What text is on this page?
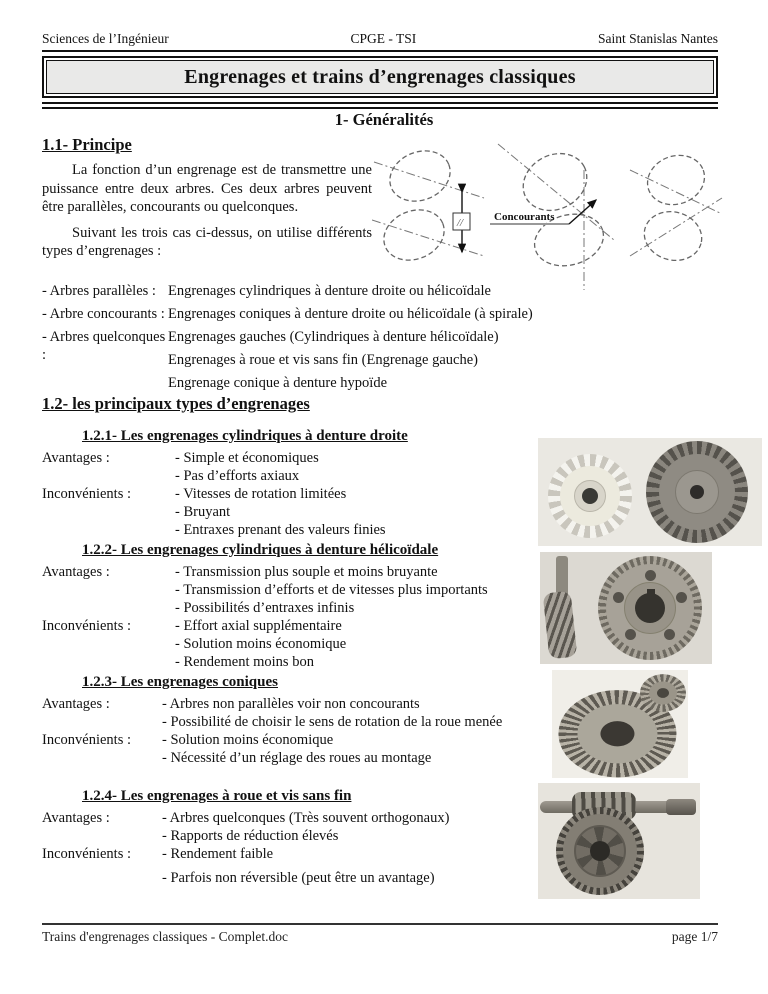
Sciences de l’Ingénieur	CPGE - TSI	Saint Stanislas Nantes
Engrenages et trains d’engrenages classiques
1- Généralités
1.1- Principe

La fonction d’un engrenage est de transmettre une puissance entre deux arbres. Ces deux arbres peuvent être parallèles, concourants ou quelconques.

Suivant les trois cas ci-dessus, on utilise différents types d’engrenages :

//	Concourants
- Arbres parallèles : Engrenages cylindriques à denture droite ou hélicoïdale
- Arbre concourants : Engrenages coniques à denture droite ou hélicoïdale (à spirale)
- Arbres quelconques :
Engrenages gauches (Cylindriques à denture hélicoïdale)
Engrenages à roue et vis sans fin (Engrenage gauche)
Engrenage conique à denture hypoïde
1.2- les principaux types d’engrenages
1.2.1- Les engrenages cylindriques à denture droite
Avantages :	- Simple et économiques
- Pas d’efforts axiaux
Inconvénients :	- Vitesses de rotation limitées
- Bruyant
- Entraxes prenant des valeurs finies
1.2.2- Les engrenages cylindriques à denture hélicoïdale
Avantages :	- Transmission plus souple et moins bruyante
- Transmission d’efforts et de vitesses plus importants
- Possibilités d’entraxes infinis
Inconvénients :	- Effort axial supplémentaire
- Solution moins économique
- Rendement moins bon
1.2.3- Les engrenages coniques
Avantages :	- Arbres non parallèles voir non concourants
- Possibilité de choisir le sens de rotation de la roue menée
Inconvénients :	- Solution moins économique
- Nécessité d’un réglage des roues au montage
1.2.4- Les engrenages à roue et vis sans fin
Avantages :	- Arbres quelconques (Très souvent orthogonaux)
- Rapports de réduction élevés
Inconvénients :	- Rendement faible
- Parfois non réversible (peut être un avantage)
Trains d'engrenages classiques - Complet.doc	page 1/7
